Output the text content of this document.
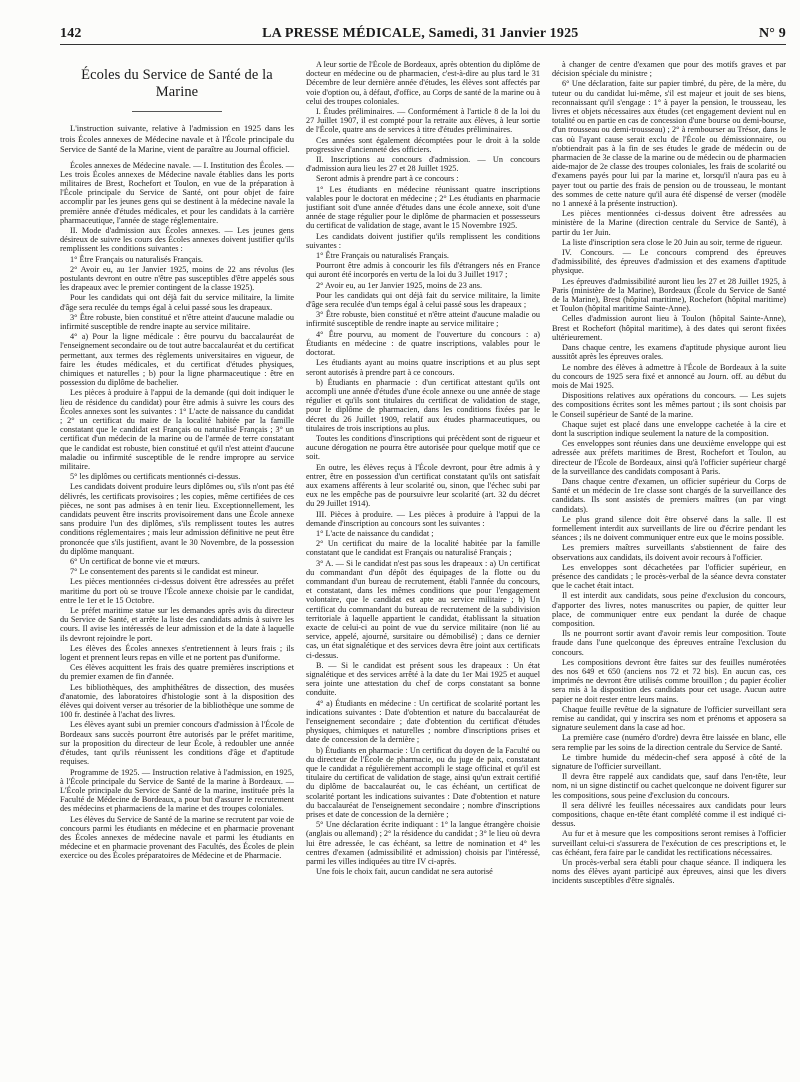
142	LA PRESSE MÉDICALE, Samedi, 31 Janvier 1925	N° 9
Écoles du Service de Santé de la Marine

L'instruction suivante, relative à l'admission en 1925 dans les trois Écoles annexes de Médecine navale et à l'École principale du Service de Santé de la Marine, vient de paraître au Journal officiel.

Écoles annexes de Médecine navale. — I. Institution des Écoles. — Les trois Écoles annexes de Médecine navale établies dans les ports militaires de Brest, Rochefort et Toulon, en vue de la préparation à l'École principale du Service de Santé, ont pour objet de faire accomplir par les jeunes gens qui se destinent à la médecine navale la première année d'études médicales, et pour les candidats à la carrière pharmaceutique, l'année de stage réglementaire.

II. Mode d'admission aux Écoles annexes. — Les jeunes gens désireux de suivre les cours des Écoles annexes doivent justifier qu'ils remplissent les conditions suivantes :

1° Être Français ou naturalisés Français.

2° Avoir eu, au 1er Janvier 1925, moins de 22 ans révolus (les postulants devront en outre n'être pas susceptibles d'être appelés sous les drapeaux avec le premier contingent de la classe 1925).

Pour les candidats qui ont déjà fait du service militaire, la limite d'âge sera reculée du temps égal à celui passé sous les drapeaux.

3° Être robuste, bien constitué et n'être atteint d'aucune maladie ou infirmité susceptible de rendre inapte au service militaire.

4° a) Pour la ligne médicale : être pourvu du baccalauréat de l'enseignement secondaire ou de tout autre baccalauréat et du certificat permettant, aux termes des règlements universitaires en vigueur, de faire les études médicales, et du certificat d'études physiques, chimiques et naturelles ; b) pour la ligne pharmaceutique : être en possession du diplôme de bachelier.

Les pièces à produire à l'appui de la demande (qui doit indiquer le lieu de résidence du candidat) pour être admis à suivre les cours des Écoles annexes sont les suivantes : 1° L'acte de naissance du candidat ; 2° un certificat du maire de la localité habitée par la famille constatant que le candidat est Français ou naturalisé Français ; 3° un certificat d'un médecin de la marine ou de l'armée de terre constatant que le candidat est robuste, bien constitué et qu'il n'est atteint d'aucune maladie ou infirmité susceptible de le rendre impropre au service militaire.

5° les diplômes ou certificats mentionnés ci-dessus.

Les candidats doivent produire leurs diplômes ou, s'ils n'ont pas été délivrés, les certificats provisoires ; les copies, même certifiées de ces pièces, ne sont pas admises à en tenir lieu. Exceptionnellement, les candidats peuvent être inscrits provisoirement dans une École annexe sans produire l'un des diplômes, s'ils remplissent toutes les autres conditions réglementaires ; mais leur admission définitive ne peut être prononcée que s'ils justifient, avant le 30 Novembre, de la possession du diplôme manquant.

6° Un certificat de bonne vie et mœurs.

7° Le consentement des parents si le candidat est mineur.

Les pièces mentionnées ci-dessus doivent être adressées au préfet maritime du port où se trouve l'École annexe choisie par le candidat, entre le 1er et le 15 Octobre.

Le préfet maritime statue sur les demandes après avis du directeur du Service de Santé, et arrête la liste des candidats admis à suivre les cours. Il avise les intéressés de leur admission et de la date à laquelle ils devront rejoindre le port.

Les élèves des Écoles annexes s'entretiennent à leurs frais ; ils logent et prennent leurs repas en ville et ne portent pas d'uniforme.

Ces élèves acquittent les frais des quatre premières inscriptions et du premier examen de fin d'année.

Les bibliothèques, des amphithéâtres de dissection, des musées d'anatomie, des laboratoires d'histologie sont à la disposition des élèves qui doivent verser au trésorier de la bibliothèque une somme de 100 fr. destinée à l'achat des livres.

Les élèves ayant subi un premier concours d'admission à l'École de Bordeaux sans succès pourront être autorisés par le préfet maritime, sur la proposition du directeur de leur École, à redoubler une année d'études, tant qu'ils réunissent les conditions d'âge et d'aptitude requises.

Programme de 1925. — Instruction relative à l'admission, en 1925, à l'École principale du Service de Santé de la marine à Bordeaux. — L'École principale du Service de Santé de la marine, instituée près la Faculté de Médecine de Bordeaux, a pour but d'assurer le recrutement des médecins et pharmaciens de la marine et des troupes coloniales.

Les élèves du Service de Santé de la marine se recrutent par voie de concours parmi les étudiants en médecine et en pharmacie provenant des Écoles annexes de médecine navale et parmi les étudiants en médecine et en pharmacie provenant des Facultés, des Écoles de plein exercice ou des Écoles préparatoires de Médecine et de Pharmacie.

A leur sortie de l'École de Bordeaux, après obtention du diplôme de docteur en médecine ou de pharmacien, c'est-à-dire au plus tard le 31 Décembre de leur dernière année d'études, les élèves sont affectés par voie d'option ou, à défaut, d'office, au Corps de santé de la marine ou à celui des troupes coloniales.

I. Études préliminaires. — Conformément à l'article 8 de la loi du 27 Juillet 1907, il est compté pour la retraite aux élèves, à leur sortie de l'École, quatre ans de services à titre d'études préliminaires.

Ces années sont également décomptées pour le droit à la solde progressive d'ancienneté des officiers.

II. Inscriptions au concours d'admission. — Un concours d'admission aura lieu les 27 et 28 Juillet 1925.

Seront admis à prendre part à ce concours :

1° Les étudiants en médecine réunissant quatre inscriptions valables pour le doctorat en médecine ; 2° Les étudiants en pharmacie justifiant soit d'une année d'études dans une école annexe, soit d'une année de stage régulier pour le diplôme de pharmacien et possesseurs du certificat de validation de stage, avant le 15 Novembre 1925.

Les candidats doivent justifier qu'ils remplissent les conditions suivantes :

1° Être Français ou naturalisés Français.

Pourront être admis à concourir les fils d'étrangers nés en France qui auront été incorporés en vertu de la loi du 3 Juillet 1917 ;

2° Avoir eu, au 1er Janvier 1925, moins de 23 ans.

Pour les candidats qui ont déjà fait du service militaire, la limite d'âge sera reculée d'un temps égal à celui passé sous les drapeaux ;

3° Être robuste, bien constitué et n'être atteint d'aucune maladie ou infirmité susceptible de rendre inapte au service militaire ;

4° Être pourvu, au moment de l'ouverture du concours : a) Étudiants en médecine : de quatre inscriptions, valables pour le doctorat.

Les étudiants ayant au moins quatre inscriptions et au plus sept seront autorisés à prendre part à ce concours.

b) Étudiants en pharmacie : d'un certificat attestant qu'ils ont accompli une année d'études d'une école annexe ou une année de stage régulier et qu'ils sont titulaires du certificat de validation de stage, pour le diplôme de pharmacien, dans les conditions fixées par le décret du 26 Juillet 1909, relatif aux études pharmaceutiques, ou titulaires de trois inscriptions au plus.

Toutes les conditions d'inscriptions qui précèdent sont de rigueur et aucune dérogation ne pourra être autorisée pour quelque motif que ce soit.

En outre, les élèves reçus à l'École devront, pour être admis à y entrer, être en possession d'un certificat constatant qu'ils ont satisfait aux examens afférents à leur scolarité ou, sinon, que l'échec subi par eux ne les empêche pas de poursuivre leur scolarité (art. 32 du décret du 29 Juillet 1914).

III. Pièces à produire. — Les pièces à produire à l'appui de la demande d'inscription au concours sont les suivantes :

1° L'acte de naissance du candidat ;

2° Un certificat du maire de la localité habitée par la famille constatant que le candidat est Français ou naturalisé Français ;

3° A. — Si le candidat n'est pas sous les drapeaux : a) Un certificat du commandant d'un dépôt des équipages de la flotte ou du commandant d'un bureau de recrutement, établi l'année du concours, et constatant, dans les mêmes conditions que pour l'engagement volontaire, que le candidat est apte au service militaire ; b) Un certificat du commandant du bureau de recrutement de la subdivision territoriale à laquelle appartient le candidat, établissant la situation exacte de celui-ci au point de vue du service militaire (non lié au service, appelé, ajourné, sursitaire ou démobilisé) ; dans ce dernier cas, un état signalétique et des services devra être joint aux certificats ci-dessus.

B. — Si le candidat est présent sous les drapeaux : Un état signalétique et des services arrêté à la date du 1er Mai 1925 et auquel sera jointe une attestation du chef de corps constatant sa bonne conduite.

4° a) Étudiants en médecine : Un certificat de scolarité portant les indications suivantes : Date d'obtention et nature du baccalauréat de l'enseignement secondaire ; date d'obtention du certificat d'études physiques, chimiques et naturelles ; nombre d'inscriptions prises et date de concession de la dernière ;

b) Étudiants en pharmacie : Un certificat du doyen de la Faculté ou du directeur de l'École de pharmacie, ou du juge de paix, constatant que le candidat a régulièrement accompli le stage officinal et qu'il est titulaire du certificat de validation de stage, ainsi qu'un extrait certifié du diplôme de baccalauréat ou, le cas échéant, un certificat de scolarité portant les indications suivantes : Date d'obtention et nature du baccalauréat de l'enseignement secondaire ; nombre d'inscriptions prises et date de concession de la dernière ;

5° Une déclaration écrite indiquant : 1° la langue étrangère choisie (anglais ou allemand) ; 2° la résidence du candidat ; 3° le lieu où devra lui être adressée, le cas échéant, sa lettre de nomination et 4° les centres d'examen (admissibilité et admission) choisis par l'intéressé, parmi les villes indiquées au titre IV ci-après.

Une fois le choix fait, aucun candidat ne sera autorisé

à changer de centre d'examen que pour des motifs graves et par décision spéciale du ministre ;

6° Une déclaration, faite sur papier timbré, du père, de la mère, du tuteur ou du candidat lui-même, s'il est majeur et jouit de ses biens, reconnaissant qu'il s'engage : 1° à payer la pension, le trousseau, les livres et objets nécessaires aux études (cet engagement devient nul en totalité ou en partie en cas de concession d'une bourse ou demi-bourse, d'un trousseau ou demi-trousseau) ; 2° à rembourser au Trésor, dans le cas où l'ayant cause serait exclu de l'École ou démissionnaire, ou n'obtiendrait pas à la fin de ses études le grade de médecin ou de pharmacien de 3e classe de la marine ou de médecin ou de pharmacien aide-major de 2e classe des troupes coloniales, les frais de scolarité ou d'examens payés pour lui par la marine et, lorsqu'il n'aura pas eu à payer tout ou partie des frais de pension ou de trousseau, le montant des sommes de cette nature qu'il aura été dispensé de verser (modèle no 1 annexé à la présente instruction).

Les pièces mentionnées ci-dessus doivent être adressées au ministère de la Marine (direction centrale du Service de Santé), à partir du 1er Juin.

La liste d'inscription sera close le 20 Juin au soir, terme de rigueur.

IV. Concours. — Le concours comprend des épreuves d'admissibilité, des épreuves d'admission et des examens d'aptitude physique.

Les épreuves d'admissibilité auront lieu les 27 et 28 Juillet 1925, à Paris (ministère de la Marine), Bordeaux (École du Service de Santé de la Marine), Brest (hôpital maritime), Rochefort (hôpital maritime) et Toulon (hôpital maritime Sainte-Anne).

Celles d'admission auront lieu à Toulon (hôpital Sainte-Anne), Brest et Rochefort (hôpital maritime), à des dates qui seront fixées ultérieurement.

Dans chaque centre, les examens d'aptitude physique auront lieu aussitôt après les épreuves orales.

Le nombre des élèves à admettre à l'École de Bordeaux à la suite du concours de 1925 sera fixé et annoncé au Journ. off. au début du mois de Mai 1925.

Dispositions relatives aux opérations du concours. — Les sujets des compositions écrites sont les mêmes partout ; ils sont choisis par le Conseil supérieur de Santé de la marine.

Chaque sujet est placé dans une enveloppe cachetée à la cire et dont la suscription indique seulement la nature de la composition.

Ces enveloppes sont réunies dans une deuxième enveloppe qui est adressée aux préfets maritimes de Brest, Rochefort et Toulon, au directeur de l'École de Bordeaux, ainsi qu'à l'officier supérieur chargé de la surveillance des candidats composant à Paris.

Dans chaque centre d'examen, un officier supérieur du Corps de Santé et un médecin de 1re classe sont chargés de la surveillance des candidats. Ils sont assistés de premiers maîtres (un par vingt candidats).

Le plus grand silence doit être observé dans la salle. Il est formellement interdit aux surveillants de lire ou d'écrire pendant les séances ; ils ne doivent communiquer entre eux que le moins possible.

Les premiers maîtres surveillants s'abstiennent de faire des observations aux candidats, ils doivent avoir recours à l'officier.

Les enveloppes sont décachetées par l'officier supérieur, en présence des candidats ; le procès-verbal de la séance devra constater que le cachet était intact.

Il est interdit aux candidats, sous peine d'exclusion du concours, d'apporter des livres, notes manuscrites ou papier, de quitter leur place, de communiquer entre eux pendant la durée de chaque composition.

Ils ne pourront sortir avant d'avoir remis leur composition. Toute fraude dans l'une quelconque des épreuves entraîne l'exclusion du concours.

Les compositions devront être faites sur des feuilles numérotées des nos 649 et 650 (anciens nos 72 et 72 bis). En aucun cas, ces imprimés ne devront être utilisés comme brouillon ; du papier écolier sera mis à la disposition des candidats pour cet usage. Aucun autre papier ne doit rester entre leurs mains.

Chaque feuille revêtue de la signature de l'officier surveillant sera remise au candidat, qui y inscrira ses nom et prénoms et apposera sa signature seulement dans la case ad hoc.

La première case (numéro d'ordre) devra être laissée en blanc, elle sera remplie par les soins de la direction centrale du Service de Santé.

Le timbre humide du médecin-chef sera apposé à côté de la signature de l'officier surveillant.

Il devra être rappelé aux candidats que, sauf dans l'en-tête, leur nom, ni un signe distinctif ou cachet quelconque ne doivent figurer sur les compositions, sous peine d'exclusion du concours.

Il sera délivré les feuilles nécessaires aux candidats pour leurs compositions, chaque en-tête étant complété comme il est indiqué ci-dessus.

Au fur et à mesure que les compositions seront remises à l'officier surveillant celui-ci s'assurera de l'exécution de ces prescriptions et, le cas échéant, fera faire par le candidat les rectifications nécessaires.

Un procès-verbal sera établi pour chaque séance. Il indiquera les noms des élèves ayant participé aux épreuves, ainsi que les divers incidents susceptibles d'être signalés.
